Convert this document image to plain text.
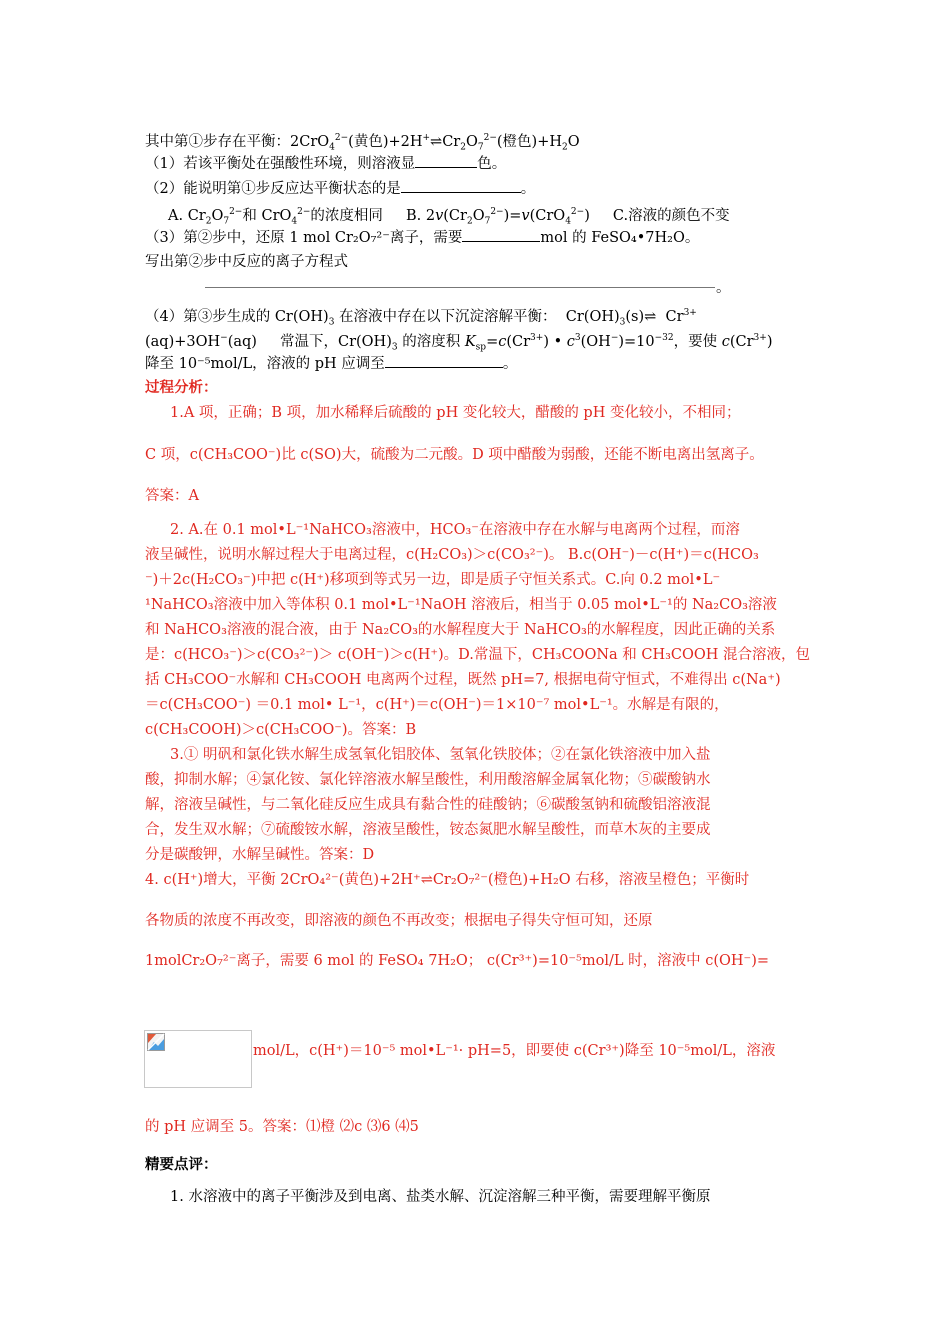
其中第①步存在平衡：2CrO$_4^{2-}$(黄色)$+2H^+\rightleftharpoons Cr_2O_7^{2-}$(橙色)$+H_2O$
（1）若该平衡处在强酸性环境，则溶液显	色。
（2）能说明第①步反应达平衡状态的是	。
A. $Cr_2O_7^{2-}$和 CrO$_4^{2-}$的浓度相同     B. $2v(Cr_2O_7^{2-})=v(CrO_4^{2-})$     C.溶液的颜色不变
（3）第②步中，还原 1 mol Cr₂O₇²⁻离子，需要	mol 的 FeSO₄•7H₂O。
写出第②步中反应的离子方程式
。
（4）第③步生成的 $Cr(OH)_3$ 在溶液中存在以下沉淀溶解平衡：  $Cr(OH)_3(s)\rightleftharpoons$  $Cr^{3+}$
(aq)+3OH−(aq)     常温下，$Cr(OH)_3$ 的溶度积 $K_{sp}=c(Cr^{3+})$ • $c^3(OH^-)=10^{-32}$，要使 $c(Cr^{3+})$
降至 10⁻⁵mol/L，溶液的 pH 应调至	。
过程分析：
1.A 项，正确；B 项，加水稀释后硫酸的 pH 变化较大，醋酸的 pH 变化较小，不相同；
C 项，c(CH₃COO⁻)比 c(SO)大，硫酸为二元酸。D 项中醋酸为弱酸，还能不断电离出氢离子。
答案：A
2. A.在 0.1 mol•L⁻¹NaHCO₃溶液中，HCO₃⁻在溶液中存在水解与电离两个过程，而溶
液呈碱性，说明水解过程大于电离过程，c(H₂CO₃)＞c(CO₃²⁻)。 B.c(OH⁻)－c(H⁺)＝c(HCO₃
⁻)＋2c(H₂CO₃⁻)中把 c(H⁺)移项到等式另一边，即是质子守恒关系式。C.向 0.2 mol•L⁻
¹NaHCO₃溶液中加入等体积 0.1 mol•L⁻¹NaOH 溶液后，相当于 0.05 mol•L⁻¹的 Na₂CO₃溶液
和 NaHCO₃溶液的混合液，由于 Na₂CO₃的水解程度大于 NaHCO₃的水解程度，因此正确的关系
是：c(HCO₃⁻)＞c(CO₃²⁻)＞ c(OH⁻)＞c(H⁺)。D.常温下，CH₃COONa 和 CH₃COOH 混合溶液，包
括 CH₃COO⁻水解和 CH₃COOH 电离两个过程，既然 pH=7, 根据电荷守恒式，不难得出 c(Na⁺)
＝c(CH₃COO⁻) ＝0.1 mol• L⁻¹，c(H⁺)＝c(OH⁻)＝1×10⁻⁷ mol•L⁻¹。水解是有限的，
c(CH₃COOH)＞c(CH₃COO⁻)。答案：B
3.① 明矾和氯化铁水解生成氢氧化铝胶体、氢氧化铁胶体；②在氯化铁溶液中加入盐
酸，抑制水解；④氯化铵、氯化锌溶液水解呈酸性，利用酸溶解金属氧化物；⑤碳酸钠水
解，溶液呈碱性，与二氧化硅反应生成具有黏合性的硅酸钠；⑥碳酸氢钠和硫酸铝溶液混
合，发生双水解；⑦硫酸铵水解，溶液呈酸性，铵态氮肥水解呈酸性，而草木灰的主要成
分是碳酸钾，水解呈碱性。答案：D
4. c(H⁺)增大，平衡 2CrO₄²⁻(黄色)+2H⁺⇌Cr₂O₇²⁻(橙色)+H₂O 右移，溶液呈橙色；平衡时
各物质的浓度不再改变，即溶液的颜色不再改变；根据电子得失守恒可知，还原
1molCr₂O₇²⁻离子，需要 6 mol 的 FeSO₄ 7H₂O； c(Cr³⁺)=10⁻⁵mol/L 时，溶液中 c(OH⁻)=
mol/L，c(H⁺)＝10⁻⁵ mol•L⁻¹· pH=5，即要使 c(Cr³⁺)降至 10⁻⁵mol/L，溶液
的 pH 应调至 5。答案：⑴橙 ⑵c ⑶6 ⑷5
精要点评：
1. 水溶液中的离子平衡涉及到电离、盐类水解、沉淀溶解三种平衡，需要理解平衡原
